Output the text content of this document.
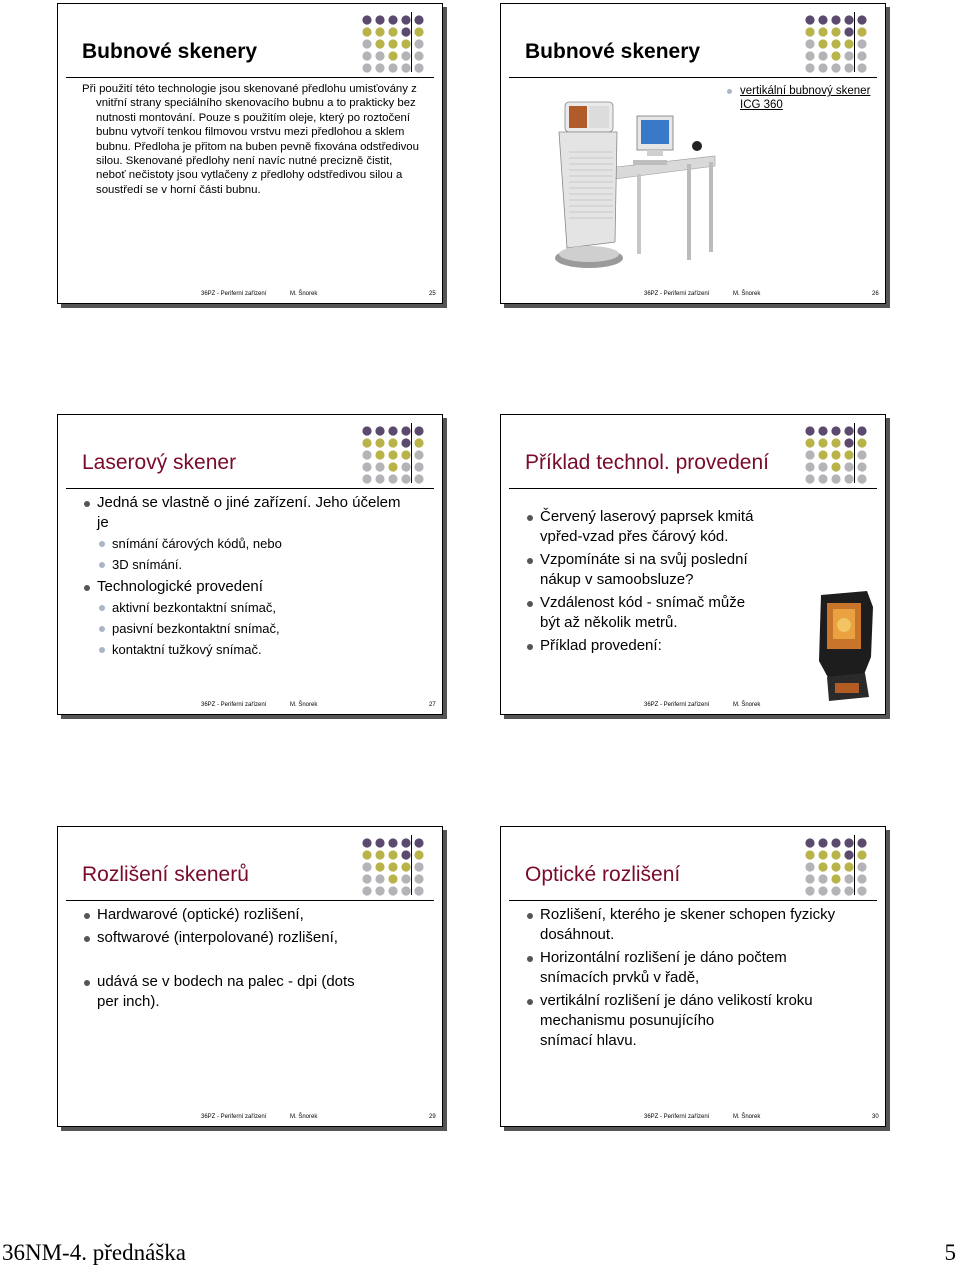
Bubnové skenery
Při použití této technologie jsou skenované předlohu umisťovány z
vnitřní strany speciálního skenovacího bubnu a to prakticky bez
nutnosti montování. Pouze s použitím oleje, který po roztočení
bubnu vytvoří tenkou filmovou vrstvu mezi předlohou a sklem
bubnu. Předloha je přitom na buben pevně fixována odstředivou
silou. Skenované předlohy není navíc nutné precizně čistit,
neboť nečistoty jsou vytlačeny z předlohy odstředivou silou a
soustředí se v horní části bubnu.
36PZ - Periferní zařízení	M. Šnorek	25
Bubnové skenery
vertikální bubnový skener
ICG 360
36PZ - Periferní zařízení	M. Šnorek	26
Laserový skener
Jedná se vlastně o jiné zařízení. Jeho účelem
je
snímání čárových kódů, nebo
3D snímání.
Technologické provedení
aktivní bezkontaktní snímač,
pasivní bezkontaktní snímač,
kontaktní tužkový snímač.
36PZ - Periferní zařízení	M. Šnorek	27
Příklad technol. provedení
Červený laserový paprsek kmitá
vpřed-vzad přes čárový kód.
Vzpomínáte si na svůj poslední
nákup v samoobsluze?
Vzdálenost kód - snímač může
být až několik metrů.
Příklad provedení:
36PZ - Periferní zařízení	M. Šnorek
Rozlišení skenerů
Hardwarové (optické) rozlišení,
softwarové (interpolované) rozlišení,
udává se v bodech na palec - dpi (dots
per inch).
36PZ - Periferní zařízení	M. Šnorek	29
Optické rozlišení
Rozlišení, kterého je skener schopen fyzicky
dosáhnout.
Horizontální rozlišení je dáno počtem
snímacích prvků v řadě,
vertikální rozlišení je dáno velikostí kroku
mechanismu posunujícího
snímací hlavu.
36PZ - Periferní zařízení	M. Šnorek	30
36NM-4. přednáška	5
